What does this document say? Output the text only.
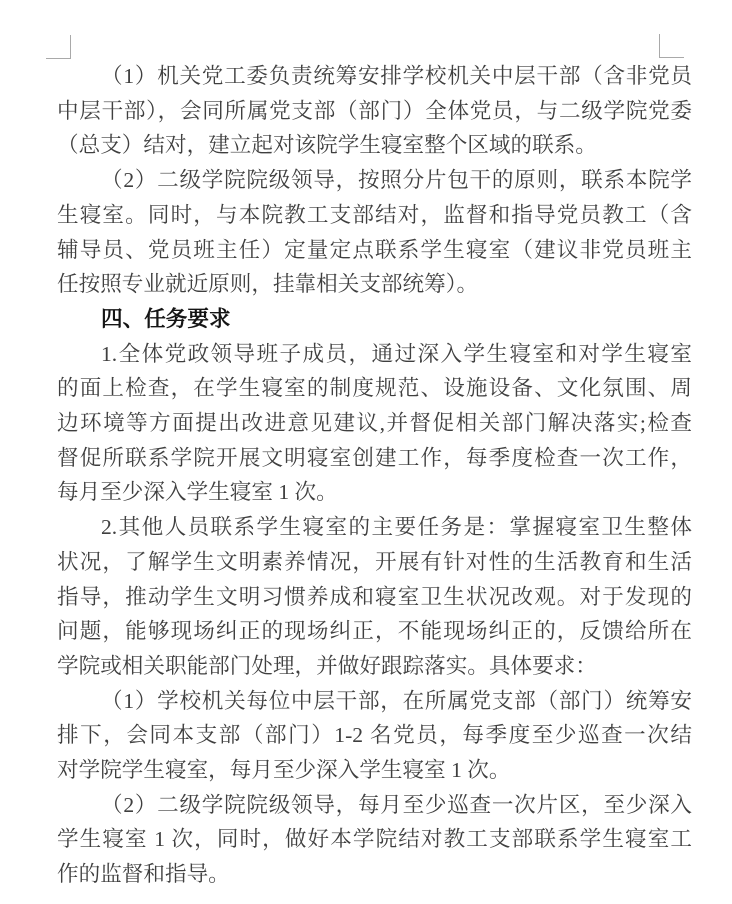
（1）机关党工委负责统筹安排学校机关中层干部（含非党员
中层干部），会同所属党支部（部门）全体党员，与二级学院党委
（总支）结对，建立起对该院学生寝室整个区域的联系。
（2）二级学院院级领导，按照分片包干的原则，联系本院学
生寝室。同时，与本院教工支部结对，监督和指导党员教工（含
辅导员、党员班主任）定量定点联系学生寝室（建议非党员班主
任按照专业就近原则，挂靠相关支部统筹）。
四、任务要求
1.全体党政领导班子成员，通过深入学生寝室和对学生寝室
的面上检查，在学生寝室的制度规范、设施设备、文化氛围、周
边环境等方面提出改进意见建议,并督促相关部门解决落实;检查
督促所联系学院开展文明寝室创建工作，每季度检查一次工作，
每月至少深入学生寝室 1 次。
2.其他人员联系学生寝室的主要任务是：掌握寝室卫生整体
状况，了解学生文明素养情况，开展有针对性的生活教育和生活
指导，推动学生文明习惯养成和寝室卫生状况改观。对于发现的
问题，能够现场纠正的现场纠正，不能现场纠正的，反馈给所在
学院或相关职能部门处理，并做好跟踪落实。具体要求：
（1）学校机关每位中层干部，在所属党支部（部门）统筹安
排下，会同本支部（部门）1-2 名党员，每季度至少巡查一次结
对学院学生寝室，每月至少深入学生寝室 1 次。
（2）二级学院院级领导，每月至少巡查一次片区，至少深入
学生寝室 1 次，同时，做好本学院结对教工支部联系学生寝室工
作的监督和指导。
